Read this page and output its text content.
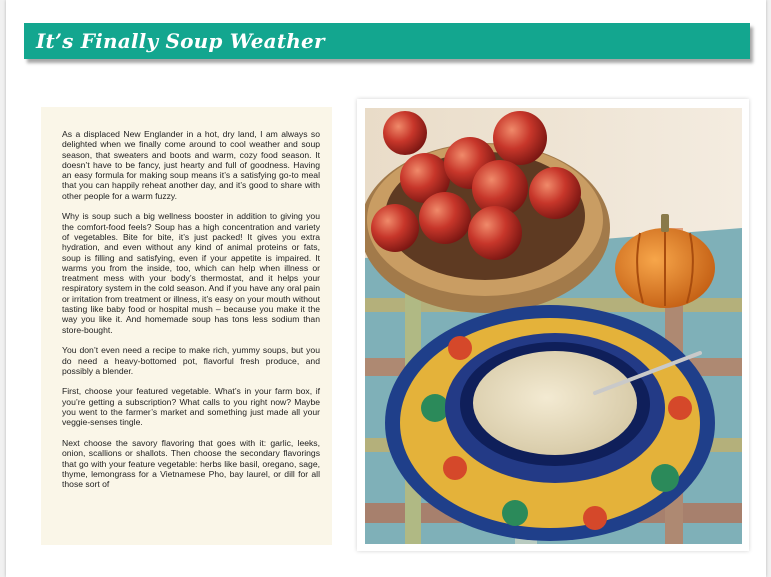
It’s Finally Soup Weather

As a displaced New Englander in a hot, dry land, I am always so delighted when we finally come around to cool weather and soup season, that sweaters and boots and warm, cozy food season. It doesn’t have to be fancy, just hearty and full of goodness. Having an easy formula for making soup means it’s a satisfying go-to meal that you can happily reheat another day, and it’s good to share with other people for a warm fuzzy.

Why is soup such a big wellness booster in addition to giving you the comfort-food feels? Soup has a high concentration and variety of vegetables. Bite for bite, it’s just packed! It gives you extra hydration, and even without any kind of animal proteins or fats, soup is filling and satisfying, even if your appetite is impaired. It warms you from the inside, too, which can help when illness or treatment mess with your body’s thermostat, and it helps your respiratory system in the cold season. And if you have any oral pain or irritation from treatment or illness, it’s easy on your mouth without tasting like baby food or hospital mush – because you make it the way you like it. And homemade soup has tons less sodium than store-bought.

You don’t even need a recipe to make rich, yummy soups, but you do need a heavy-bottomed pot, flavorful fresh produce, and possibly a blender.

First, choose your featured vegetable. What’s in your farm box, if you’re getting a subscription? What calls to you right now? Maybe you went to the farmer’s market and something just made all your veggie-senses tingle.

Next choose the savory flavoring that goes with it: garlic, leeks, onion, scallions or shallots. Then choose the secondary flavorings that go with your feature vegetable: herbs like basil, oregano, sage, thyme, lemongrass for a Vietnamese Pho, bay laurel, or dill for all those sort of
